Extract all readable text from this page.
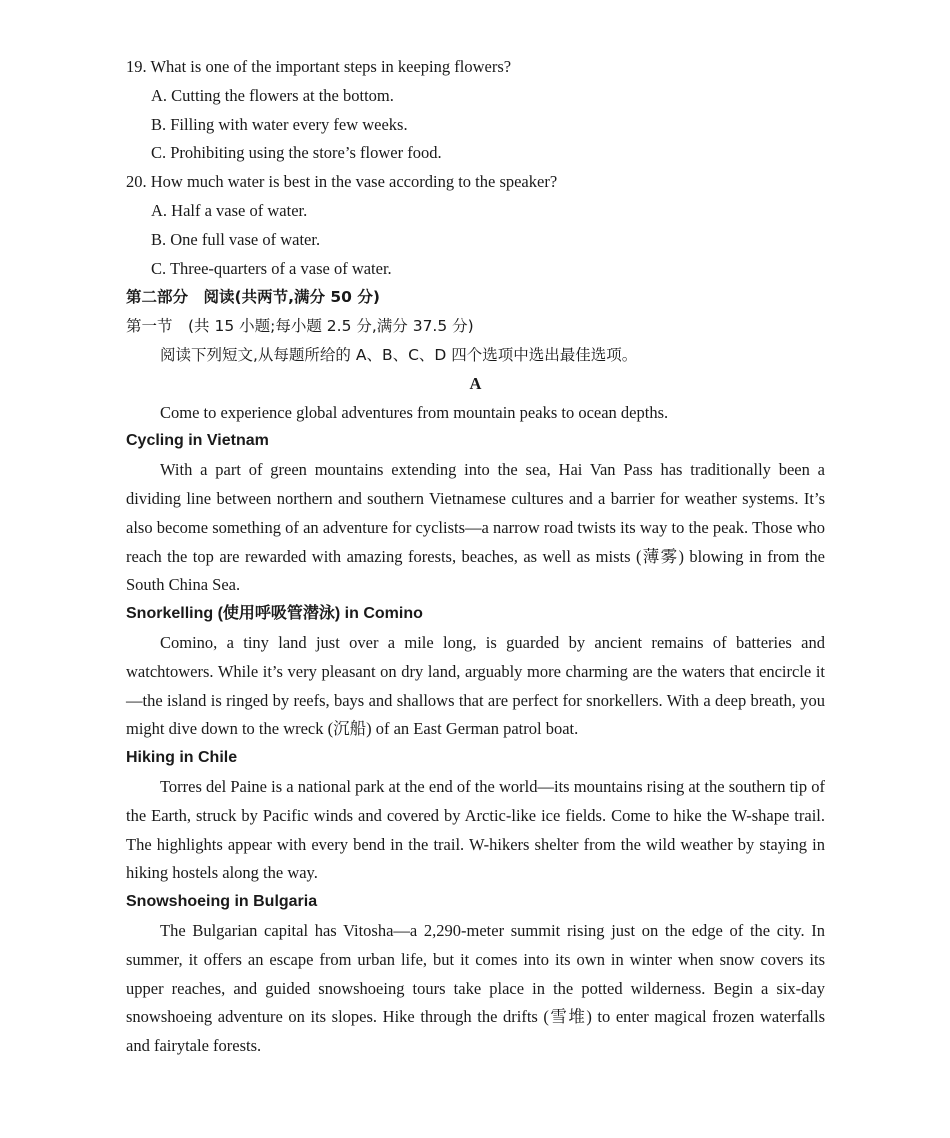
19. What is one of the important steps in keeping flowers?
A. Cutting the flowers at the bottom.
B. Filling with water every few weeks.
C. Prohibiting using the store’s flower food.
20. How much water is best in the vase according to the speaker?
A. Half a vase of water.
B. One full vase of water.
C. Three-quarters of a vase of water.
第二部分　阅读(共两节,满分 50 分)
第一节　(共 15 小题;每小题 2.5 分,满分 37.5 分)
阅读下列短文,从每题所给的 A、B、C、D 四个选项中选出最佳选项。
A
Come to experience global adventures from mountain peaks to ocean depths.
Cycling in Vietnam

With a part of green mountains extending into the sea, Hai Van Pass has traditionally been a dividing line between northern and southern Vietnamese cultures and a barrier for weather systems. It’s also become something of an adventure for cyclists—a narrow road twists its way to the peak. Those who reach the top are rewarded with amazing forests, beaches, as well as mists (薄雾) blowing in from the South China Sea.

Snorkelling (使用呼吸管潜泳) in Comino

Comino, a tiny land just over a mile long, is guarded by ancient remains of batteries and watchtowers. While it’s very pleasant on dry land, arguably more charming are the waters that encircle it—the island is ringed by reefs, bays and shallows that are perfect for snorkellers. With a deep breath, you might dive down to the wreck (沉船) of an East German patrol boat.

Hiking in Chile

Torres del Paine is a national park at the end of the world—its mountains rising at the southern tip of the Earth, struck by Pacific winds and covered by Arctic-like ice fields. Come to hike the W-shape trail. The highlights appear with every bend in the trail. W-hikers shelter from the wild weather by staying in hiking hostels along the way.

Snowshoeing in Bulgaria

The Bulgarian capital has Vitosha—a 2,290-meter summit rising just on the edge of the city. In summer, it offers an escape from urban life, but it comes into its own in winter when snow covers its upper reaches, and guided snowshoeing tours take place in the potted wilderness. Begin a six-day snowshoeing adventure on its slopes. Hike through the drifts (雪堆) to enter magical frozen waterfalls and fairytale forests.
